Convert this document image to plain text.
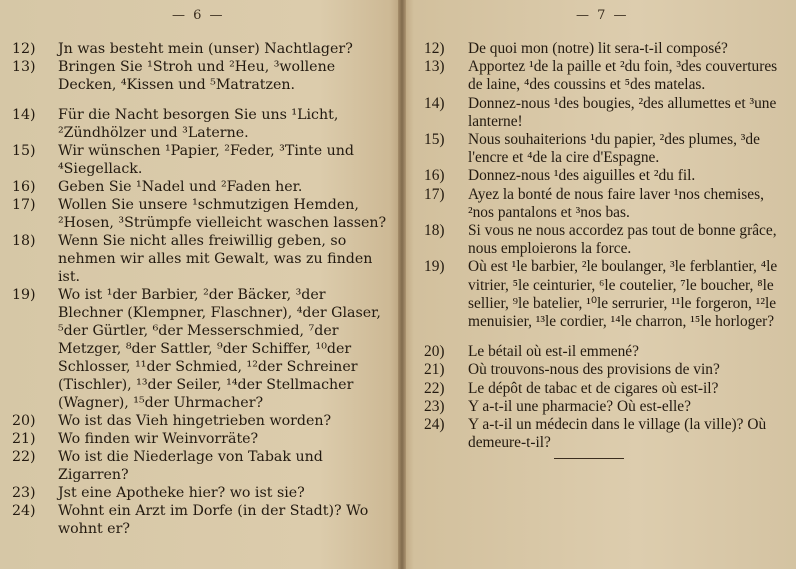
— 6 —
12)	Jn was besteht mein (unser) Nachtlager?
13)	Bringen Sie ¹Stroh und ²Heu, ³wollene Decken, ⁴Kissen und ⁵Matratzen.
14)	Für die Nacht besorgen Sie uns ¹Licht, ²Zündhölzer und ³Laterne.
15)	Wir wünschen ¹Papier, ²Feder, ³Tinte und ⁴Siegellack.
16)	Geben Sie ¹Nadel und ²Faden her.
17)	Wollen Sie unsere ¹schmutzigen Hemden, ²Hosen, ³Strümpfe vielleicht waschen lassen?
18)	Wenn Sie nicht alles freiwillig geben, so nehmen wir alles mit Gewalt, was zu finden ist.
19)	Wo ist ¹der Barbier, ²der Bäcker, ³der Blechner (Klempner, Flaschner), ⁴der Glaser, ⁵der Gürtler, ⁶der Messerschmied, ⁷der Metzger, ⁸der Sattler, ⁹der Schiffer, ¹⁰der Schlosser, ¹¹der Schmied, ¹²der Schreiner (Tischler), ¹³der Seiler, ¹⁴der Stellmacher (Wagner), ¹⁵der Uhrmacher?
20)	Wo ist das Vieh hingetrieben worden?
21)	Wo finden wir Weinvorräte?
22)	Wo ist die Niederlage von Tabak und Zigarren?
23)	Jst eine Apotheke hier? wo ist sie?
24)	Wohnt ein Arzt im Dorfe (in der Stadt)? Wo wohnt er?
— 7 —
12)	De quoi mon (notre) lit sera-t-il composé?
13)	Apportez ¹de la paille et ²du foin, ³des couvertures de laine, ⁴des coussins et ⁵des matelas.
14)	Donnez-nous ¹des bougies, ²des allumettes et ³une lanterne!
15)	Nous souhaiterions ¹du papier, ²des plumes, ³de l'encre et ⁴de la cire d'Espagne.
16)	Donnez-nous ¹des aiguilles et ²du fil.
17)	Ayez la bonté de nous faire laver ¹nos chemises, ²nos pantalons et ³nos bas.
18)	Si vous ne nous accordez pas tout de bonne grâce, nous emploierons la force.
19)	Où est ¹le barbier, ²le boulanger, ³le ferblantier, ⁴le vitrier, ⁵le ceinturier, ⁶le coutelier, ⁷le boucher, ⁸le sellier, ⁹le batelier, ¹⁰le serrurier, ¹¹le forgeron, ¹²le menuisier, ¹³le cordier, ¹⁴le charron, ¹⁵le horloger?
20)	Le bétail où est-il emmené?
21)	Où trouvons-nous des provisions de vin?
22)	Le dépôt de tabac et de cigares où est-il?
23)	Y a-t-il une pharmacie? Où est-elle?
24)	Y a-t-il un médecin dans le village (la ville)? Où demeure-t-il?
